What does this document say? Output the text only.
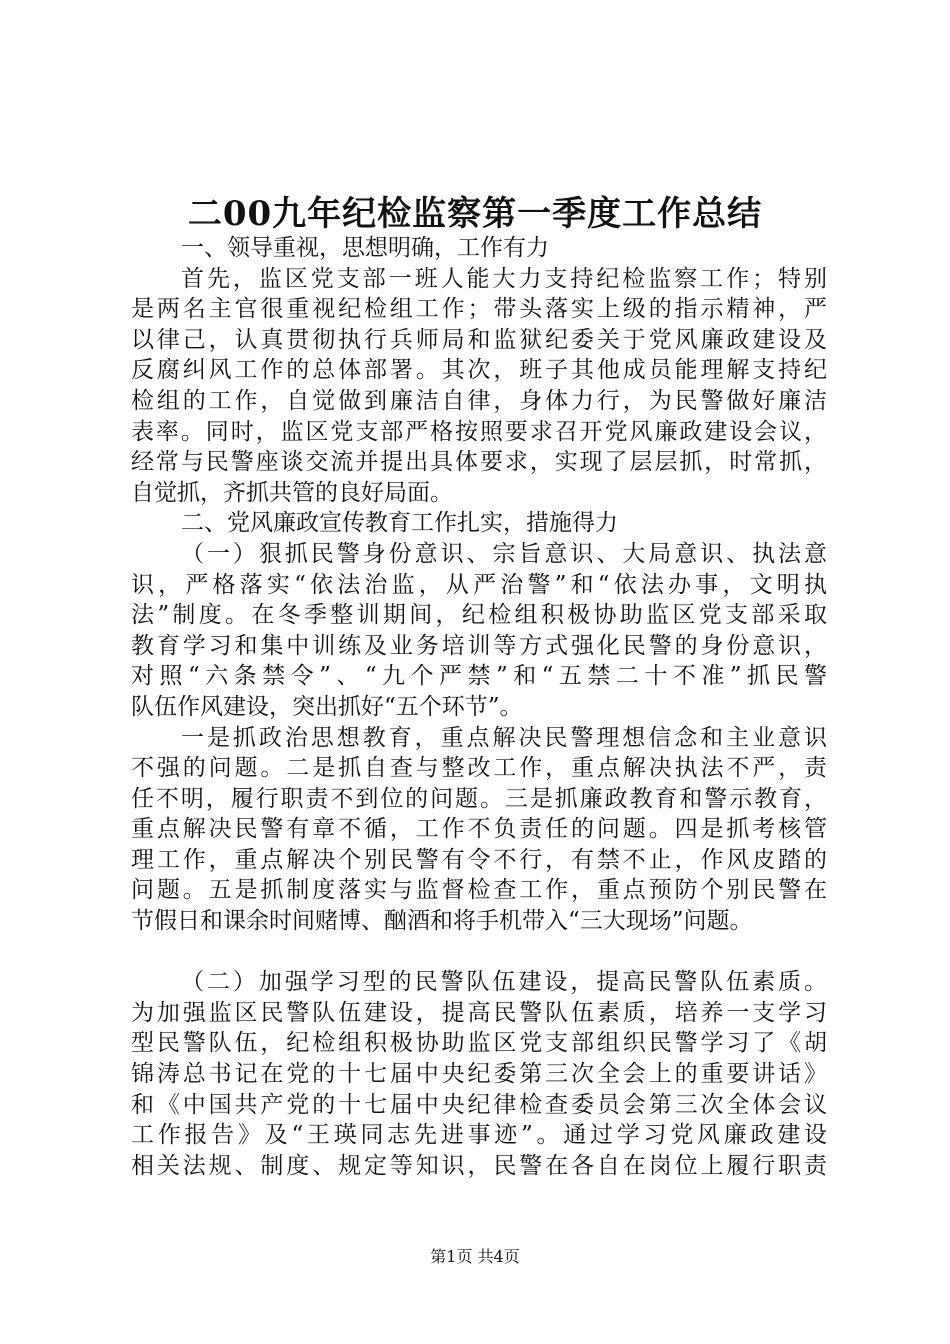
二00九年纪检监察第一季度工作总结
一、领导重视，思想明确，工作有力
首先，监区党支部一班人能大力支持纪检监察工作；特别
是两名主官很重视纪检组工作；带头落实上级的指示精神，严
以律己，认真贯彻执行兵师局和监狱纪委关于党风廉政建设及
反腐纠风工作的总体部署。其次，班子其他成员能理解支持纪
检组的工作，自觉做到廉洁自律，身体力行，为民警做好廉洁
表率。同时，监区党支部严格按照要求召开党风廉政建设会议，
经常与民警座谈交流并提出具体要求，实现了层层抓，时常抓，
自觉抓，齐抓共管的良好局面。
二、党风廉政宣传教育工作扎实，措施得力
（一）狠抓民警身份意识、宗旨意识、大局意识、执法意
识，严格落实“依法治监，从严治警”和“依法办事，文明执
法”制度。在冬季整训期间，纪检组积极协助监区党支部采取
教育学习和集中训练及业务培训等方式强化民警的身份意识，
对照“六条禁令”、“九个严禁”和“五禁二十不准”抓民警
队伍作风建设，突出抓好“五个环节”。
一是抓政治思想教育，重点解决民警理想信念和主业意识
不强的问题。二是抓自查与整改工作，重点解决执法不严，责
任不明，履行职责不到位的问题。三是抓廉政教育和警示教育，
重点解决民警有章不循，工作不负责任的问题。四是抓考核管
理工作，重点解决个别民警有令不行，有禁不止，作风皮踏的
问题。五是抓制度落实与监督检查工作，重点预防个别民警在
节假日和课余时间赌博、酗酒和将手机带入“三大现场”问题。
（二）加强学习型的民警队伍建设，提高民警队伍素质。
为加强监区民警队伍建设，提高民警队伍素质，培养一支学习
型民警队伍，纪检组积极协助监区党支部组织民警学习了《胡
锦涛总书记在党的十七届中央纪委第三次全会上的重要讲话》
和《中国共产党的十七届中央纪律检查委员会第三次全体会议
工作报告》及“王瑛同志先进事迹”。通过学习党风廉政建设
相关法规、制度、规定等知识，民警在各自在岗位上履行职责
第1页 共4页
